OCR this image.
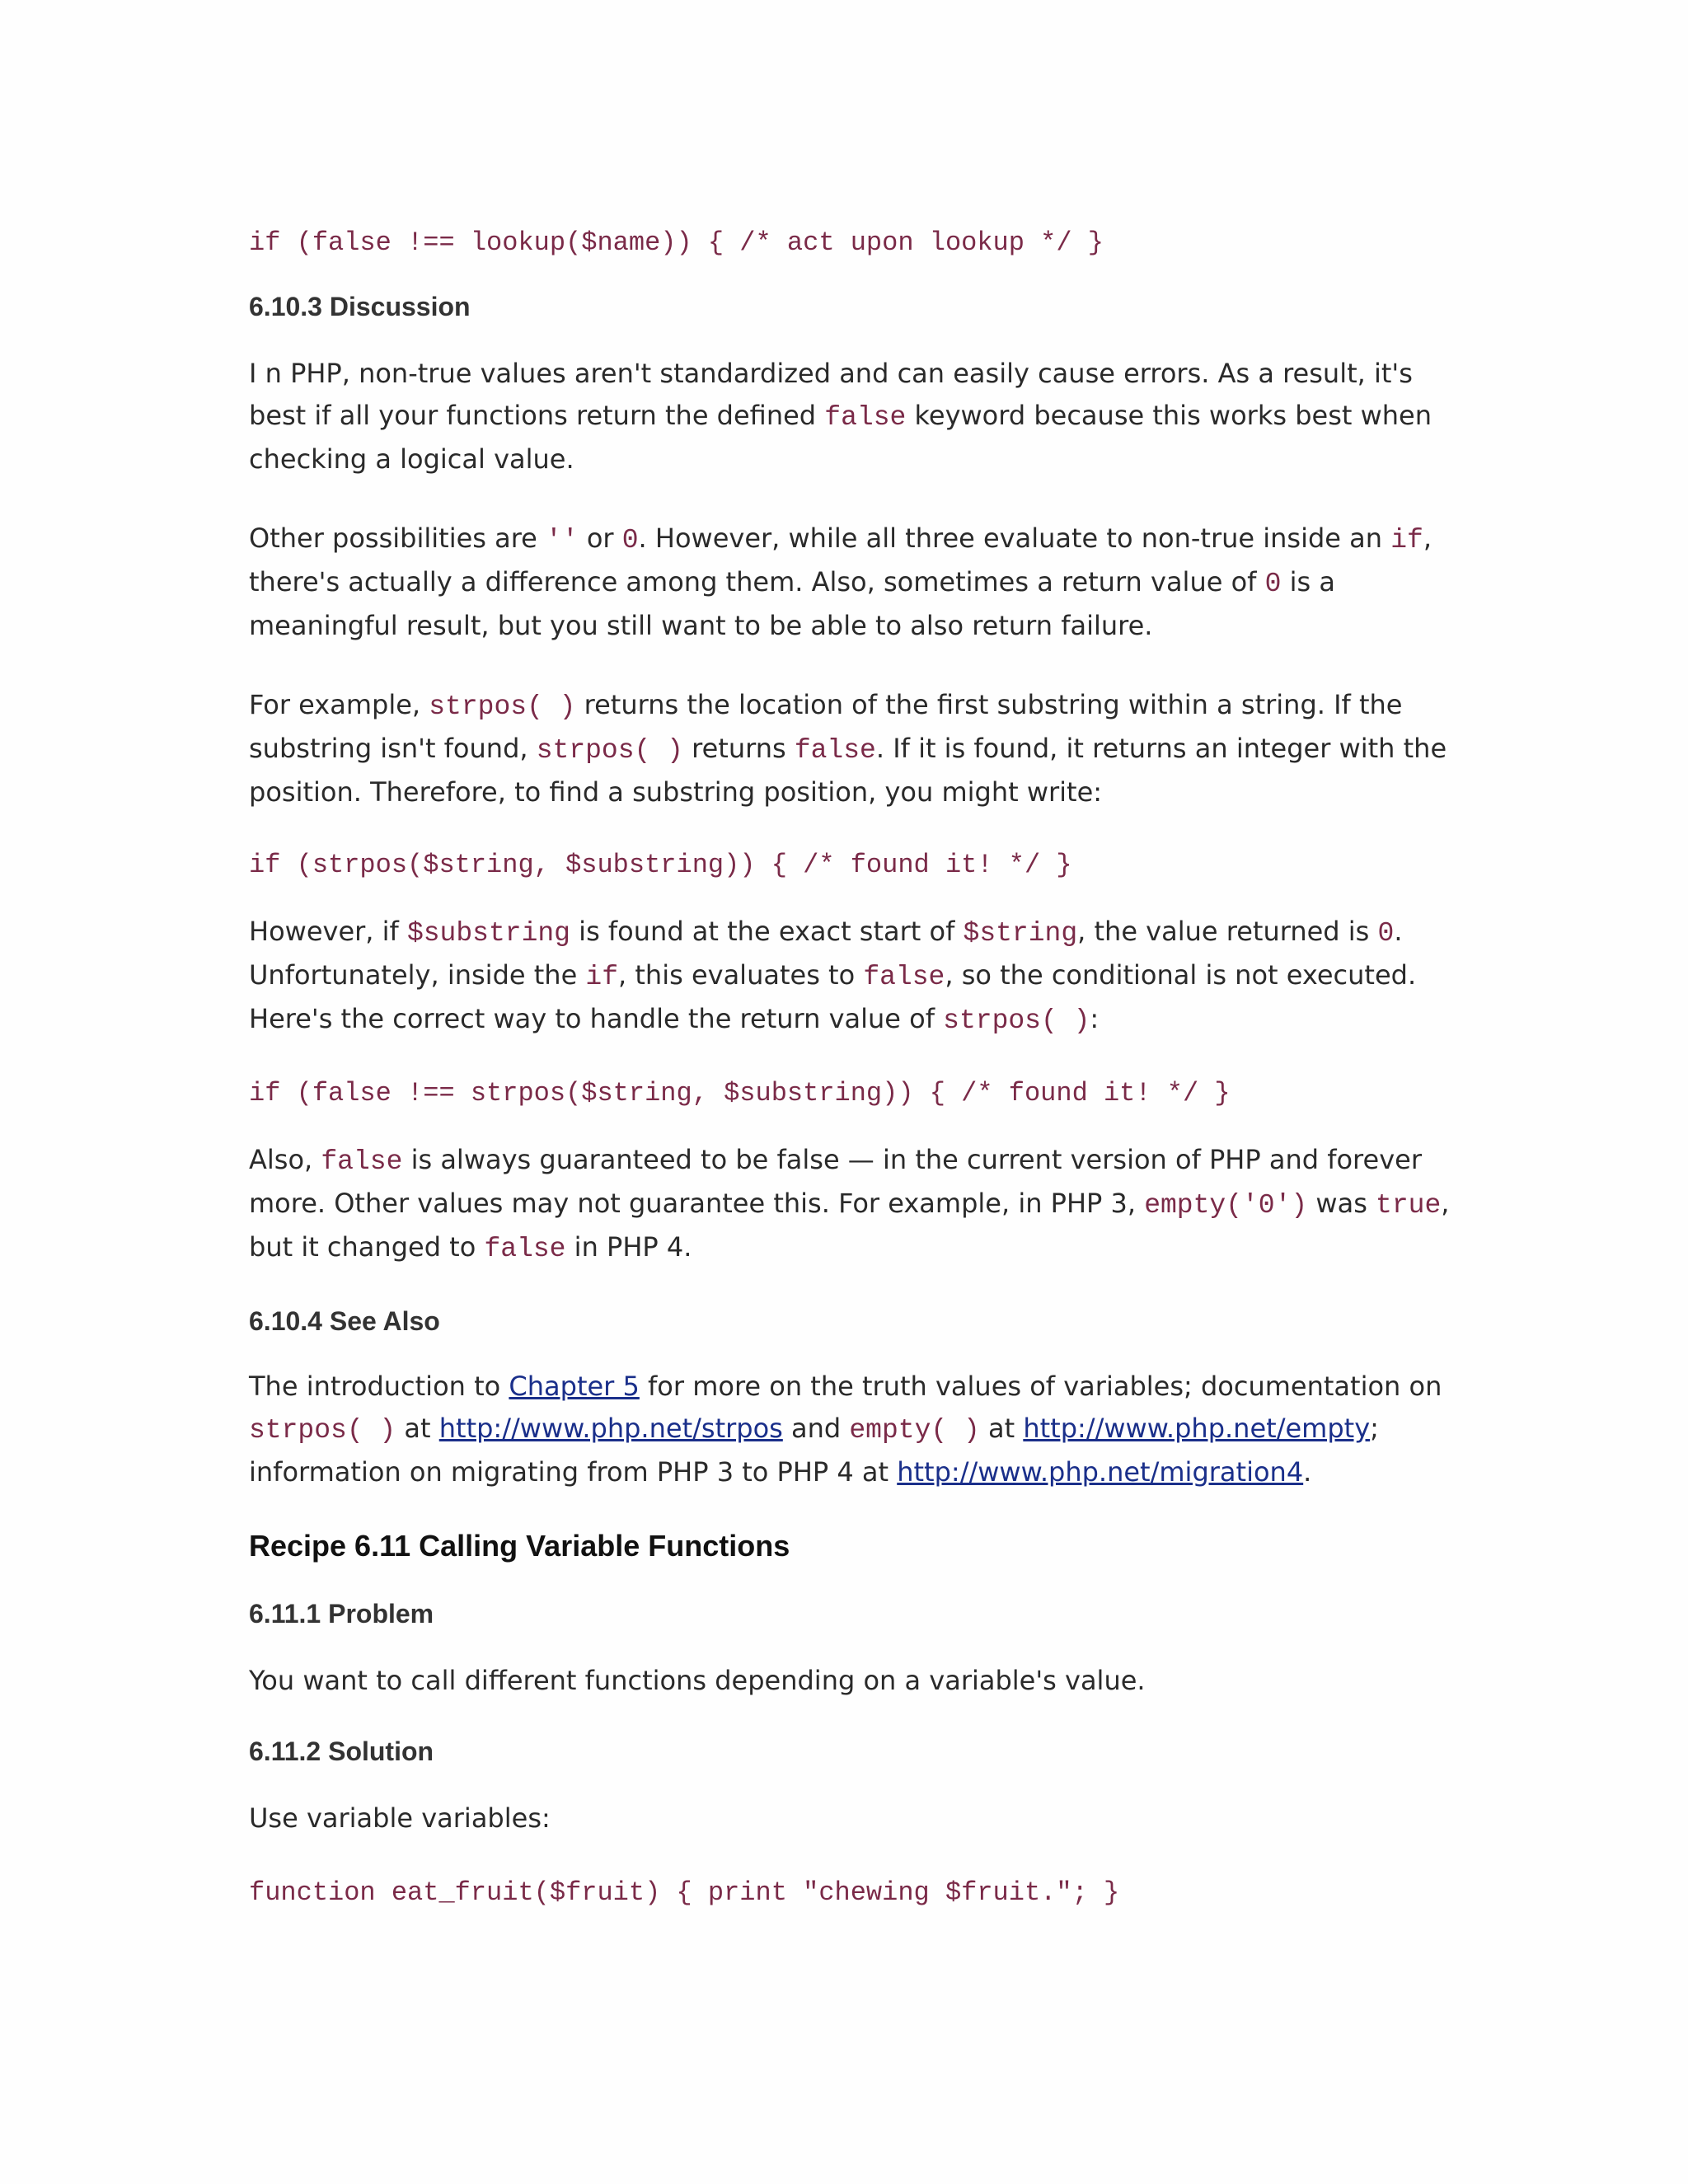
if (false !== lookup($name)) { /* act upon lookup */ }
6.10.3 Discussion

I n PHP, non-true values aren't standardized and can easily cause errors. As a result, it's best if all your functions return the defined false keyword because this works best when checking a logical value.

Other possibilities are '' or 0. However, while all three evaluate to non-true inside an if, there's actually a difference among them. Also, sometimes a return value of 0 is a meaningful result, but you still want to be able to also return failure.

For example, strpos( ) returns the location of the first substring within a string. If the substring isn't found, strpos( ) returns false. If it is found, it returns an integer with the position. Therefore, to find a substring position, you might write:

if (strpos($string, $substring)) { /* found it! */ }

However, if $substring is found at the exact start of $string, the value returned is 0. Unfortunately, inside the if, this evaluates to false, so the conditional is not executed. Here's the correct way to handle the return value of strpos( ):

if (false !== strpos($string, $substring)) { /* found it! */ }

Also, false is always guaranteed to be false — in the current version of PHP and forever more. Other values may not guarantee this. For example, in PHP 3, empty('0') was true, but it changed to false in PHP 4.

6.10.4 See Also

The introduction to Chapter 5 for more on the truth values of variables; documentation on strpos( ) at http://www.php.net/strpos and empty( ) at http://www.php.net/empty; information on migrating from PHP 3 to PHP 4 at http://www.php.net/migration4.

Recipe 6.11 Calling Variable Functions
6.11.1 Problem

You want to call different functions depending on a variable's value.

6.11.2 Solution

Use variable variables:

function eat_fruit($fruit) { print "chewing $fruit."; }
